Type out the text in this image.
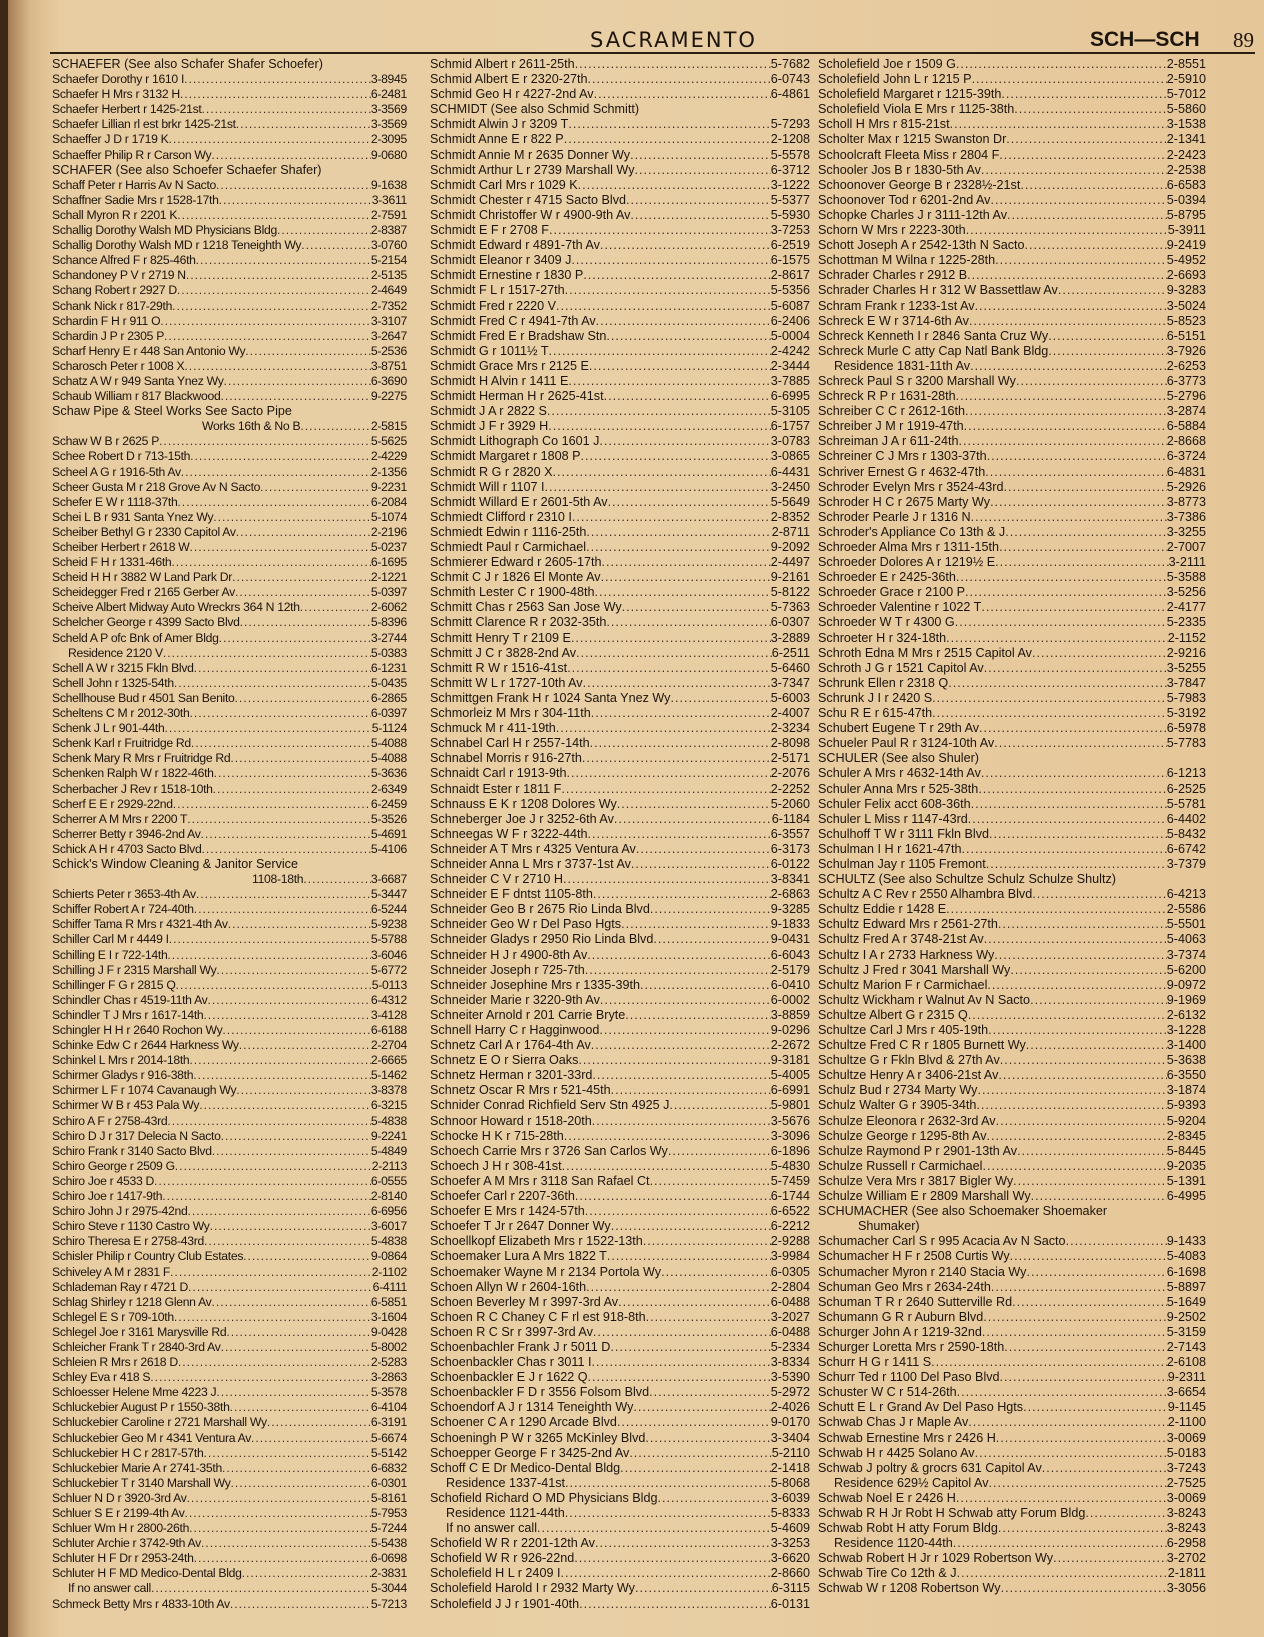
SACRAMENTO	SCH—SCH 89
SCHAEFER (See also Schafer Shafer Schoefer)
Schaefer Dorothy r 1610 I .....	3-8945
Schaefer H Mrs r 3132 H .....	6-2481
Schaefer Herbert r 1425-21st .....	3-3569
Schaefer Lillian rl est brkr 1425-21st .....	3-3569
Schaeffer J D r 1719 K .....	2-3095
Schaeffer Philip R r Carson Wy .....	9-0680
SCHAFER (See also Schoefer Schaefer Shafer)
Schaff Peter r Harris Av N Sacto .....	9-1638
Schaffner Sadie Mrs r 1528-17th .....	3-3611
Schall Myron R r 2201 K .....	2-7591
Schallig Dorothy Walsh MD Physicians Bldg .....	2-8387
Schallig Dorothy Walsh MD r 1218 Teneighth Wy .....	3-0760
Schance Alfred F r 825-46th .....	5-2154
Schandoney P V r 2719 N .....	2-5135
Schang Robert r 2927 D .....	2-4649
Schank Nick r 817-29th .....	2-7352
Schardin F H r 911 O .....	3-3107
Schardin J P r 2305 P .....	3-2647
Scharf Henry E r 448 San Antonio Wy .....	5-2536
Scharosch Peter r 1008 X .....	3-8751
Schatz A W r 949 Santa Ynez Wy .....	6-3690
Schaub William r 817 Blackwood .....	9-2275
Schaw Pipe & Steel Works See Sacto Pipe
Works 16th & No B .....	2-5815
Schaw W B r 2625 P .....	5-5625
Schee Robert D r 713-15th .....	2-4229
Scheel A G r 1916-5th Av .....	2-1356
Scheer Gusta M r 218 Grove Av N Sacto .....	9-2231
Schefer E W r 1118-37th .....	6-2084
Schei L B r 931 Santa Ynez Wy .....	5-1074
Scheiber Bethyl G r 2330 Capitol Av .....	2-2196
Scheiber Herbert r 2618 W .....	5-0237
Scheid F H r 1331-46th .....	6-1695
Scheid H H r 3882 W Land Park Dr .....	2-1221
Scheidegger Fred r 2165 Gerber Av .....	5-0397
Scheive Albert Midway Auto Wreckrs 364 N 12th .....	2-6062
Schelcher George r 4399 Sacto Blvd .....	5-8396
Scheld A P ofc Bnk of Amer Bldg .....	3-2744
Residence 2120 V .....	5-0383
Schell A W r 3215 Fkln Blvd .....	6-1231
Schell John r 1325-54th .....	5-0435
Schellhouse Bud r 4501 San Benito .....	6-2865
Scheltens C M r 2012-30th .....	6-0397
Schenk J L r 901-44th .....	5-1124
Schenk Karl r Fruitridge Rd .....	5-4088
Schenk Mary R Mrs r Fruitridge Rd .....	5-4088
Schenken Ralph W r 1822-46th .....	5-3636
Scherbacher J Rev r 1518-10th .....	2-6349
Scherf E E r 2929-22nd .....	6-2459
Scherrer A M Mrs r 2200 T .....	5-3526
Scherrer Betty r 3946-2nd Av .....	5-4691
Schick A H r 4703 Sacto Blvd .....	5-4106
Schick's Window Cleaning & Janitor Service
1108-18th .....	3-6687
Schierts Peter r 3653-4th Av .....	5-3447
Schiffer Robert A r 724-40th .....	6-5244
Schiffer Tama R Mrs r 4321-4th Av .....	5-9238
Schiller Carl M r 4449 I .....	5-5788
Schilling E I r 722-14th .....	3-6046
Schilling J F r 2315 Marshall Wy .....	5-6772
Schillinger F G r 2815 Q .....	5-0113
Schindler Chas r 4519-11th Av .....	6-4312
Schindler T J Mrs r 1617-14th .....	3-4128
Schingler H H r 2640 Rochon Wy .....	6-6188
Schinke Edw C r 2644 Harkness Wy .....	2-2704
Schinkel L Mrs r 2014-18th .....	2-6665
Schirmer Gladys r 916-38th .....	5-1462
Schirmer L F r 1074 Cavanaugh Wy .....	3-8378
Schirmer W B r 453 Pala Wy .....	6-3215
Schiro A F r 2758-43rd .....	5-4838
Schiro D J r 317 Delecia N Sacto .....	9-2241
Schiro Frank r 3140 Sacto Blvd .....	5-4849
Schiro George r 2509 G .....	2-2113
Schiro Joe r 4533 D .....	6-0555
Schiro Joe r 1417-9th .....	2-8140
Schiro John J r 2975-42nd .....	6-6956
Schiro Steve r 1130 Castro Wy .....	3-6017
Schiro Theresa E r 2758-43rd .....	5-4838
Schisler Philip r Country Club Estates .....	9-0864
Schiveley A M r 2831 F .....	2-1102
Schlademan Ray r 4721 D .....	6-4111
Schlag Shirley r 1218 Glenn Av .....	6-5851
Schlegel E S r 709-10th .....	3-1604
Schlegel Joe r 3161 Marysville Rd .....	9-0428
Schleicher Frank T r 2840-3rd Av .....	5-8002
Schleien R Mrs r 2618 D .....	2-5283
Schley Eva r 418 S .....	3-2863
Schloesser Helene Mme 4223 J .....	5-3578
Schluckebier August P r 1550-38th .....	6-4104
Schluckebier Caroline r 2721 Marshall Wy .....	6-3191
Schluckebier Geo M r 4341 Ventura Av .....	5-6674
Schluckebier H C r 2817-57th .....	5-5142
Schluckebier Marie A r 2741-35th .....	6-6832
Schluckebier T r 3140 Marshall Wy .....	6-0301
Schluer N D r 3920-3rd Av .....	5-8161
Schluer S E r 2199-4th Av .....	5-7953
Schluer Wm H r 2800-26th .....	5-7244
Schluter Archie r 3742-9th Av .....	5-5438
Schluter H F Dr r 2953-24th .....	6-0698
Schluter H F MD Medico-Dental Bldg .....	2-3831
If no answer call .....	5-3044
Schmeck Betty Mrs r 4833-10th Av .....	5-7213
Schmid Albert r 2611-25th .....	5-7682
Schmid Albert E r 2320-27th .....	6-0743
Schmid Geo H r 4227-2nd Av .....	6-4861
SCHMIDT (See also Schmid Schmitt)
Schmidt Alwin J r 3209 T .....	5-7293
Schmidt Anne E r 822 P .....	2-1208
Schmidt Annie M r 2635 Donner Wy .....	5-5578
Schmidt Arthur L r 2739 Marshall Wy .....	6-3712
Schmidt Carl Mrs r 1029 K .....	3-1222
Schmidt Chester r 4715 Sacto Blvd .....	5-5377
Schmidt Christoffer W r 4900-9th Av .....	5-5930
Schmidt E F r 2708 F .....	3-7253
Schmidt Edward r 4891-7th Av .....	6-2519
Schmidt Eleanor r 3409 J .....	6-1575
Schmidt Ernestine r 1830 P .....	2-8617
Schmidt F L r 1517-27th .....	5-5356
Schmidt Fred r 2220 V .....	5-6087
Schmidt Fred C r 4941-7th Av .....	6-2406
Schmidt Fred E r Bradshaw Stn .....	5-0004
Schmidt G r 1011½ T .....	2-4242
Schmidt Grace Mrs r 2125 E .....	2-3444
Schmidt H Alvin r 1411 E .....	3-7885
Schmidt Herman H r 2625-41st .....	6-6995
Schmidt J A r 2822 S .....	5-3105
Schmidt J F r 3929 H .....	6-1757
Schmidt Lithograph Co 1601 J .....	3-0783
Schmidt Margaret r 1808 P .....	3-0865
Schmidt R G r 2820 X .....	6-4431
Schmidt Will r 1107 I .....	3-2450
Schmidt Willard E r 2601-5th Av .....	5-5649
Schmiedt Clifford r 2310 I .....	2-8352
Schmiedt Edwin r 1116-25th .....	2-8711
Schmiedt Paul r Carmichael .....	9-2092
Schmierer Edward r 2605-17th .....	2-4497
Schmit C J r 1826 El Monte Av .....	9-2161
Schmith Lester C r 1900-48th .....	5-8122
Schmitt Chas r 2563 San Jose Wy .....	5-7363
Schmitt Clarence R r 2032-35th .....	6-0307
Schmitt Henry T r 2109 E .....	3-2889
Schmitt J C r 3828-2nd Av .....	6-2511
Schmitt R W r 1516-41st .....	5-6460
Schmitt W L r 1727-10th Av .....	3-7347
Schmittgen Frank H r 1024 Santa Ynez Wy .....	5-6003
Schmorleiz M Mrs r 304-11th .....	2-4007
Schmuck M r 411-19th .....	2-3234
Schnabel Carl H r 2557-14th .....	2-8098
Schnabel Morris r 916-27th .....	2-5171
Schnaidt Carl r 1913-9th .....	2-2076
Schnaidt Ester r 1811 F .....	2-2252
Schnauss E K r 1208 Dolores Wy .....	5-2060
Schneberger Joe J r 3252-6th Av .....	6-1184
Schneegas W F r 3222-44th .....	6-3557
Schneider A T Mrs r 4325 Ventura Av .....	6-3173
Schneider Anna L Mrs r 3737-1st Av .....	6-0122
Schneider C V r 2710 H .....	3-8341
Schneider E F dntst 1105-8th .....	2-6863
Schneider Geo B r 2675 Rio Linda Blvd .....	9-3285
Schneider Geo W r Del Paso Hgts .....	9-1833
Schneider Gladys r 2950 Rio Linda Blvd .....	9-0431
Schneider H J r 4900-8th Av .....	6-6043
Schneider Joseph r 725-7th .....	2-5179
Schneider Josephine Mrs r 1335-39th .....	6-0410
Schneider Marie r 3220-9th Av .....	6-0002
Schneiter Arnold r 201 Carrie Bryte .....	3-8859
Schnell Harry C r Hagginwood .....	9-0296
Schnetz Carl A r 1764-4th Av .....	2-2672
Schnetz E O r Sierra Oaks .....	9-3181
Schnetz Herman r 3201-33rd .....	5-4005
Schnetz Oscar R Mrs r 521-45th .....	6-6991
Schnider Conrad Richfield Serv Stn 4925 J .....	5-9801
Schnoor Howard r 1518-20th .....	3-5676
Schocke H K r 715-28th .....	3-3096
Schoech Carrie Mrs r 3726 San Carlos Wy .....	6-1896
Schoech J H r 308-41st .....	5-4830
Schoefer A M Mrs r 3118 San Rafael Ct .....	5-7459
Schoefer Carl r 2207-36th .....	6-1744
Schoefer E Mrs r 1424-57th .....	6-6522
Schoefer T Jr r 2647 Donner Wy .....	6-2212
Schoellkopf Elizabeth Mrs r 1522-13th .....	2-9288
Schoemaker Lura A Mrs 1822 T .....	3-9984
Schoemaker Wayne M r 2134 Portola Wy .....	6-0305
Schoen Allyn W r 2604-16th .....	2-2804
Schoen Beverley M r 3997-3rd Av .....	6-0488
Schoen R C Chaney C F rl est 918-8th .....	3-2027
Schoen R C Sr r 3997-3rd Av .....	6-0488
Schoenbachler Frank J r 5011 D .....	5-2334
Schoenbackler Chas r 3011 I .....	3-8334
Schoenbackler E J r 1622 Q .....	3-5390
Schoenbackler F D r 3556 Folsom Blvd .....	5-2972
Schoendorf A J r 1314 Teneighth Wy .....	2-4026
Schoener C A r 1290 Arcade Blvd .....	9-0170
Schoeningh P W r 3265 McKinley Blvd .....	3-3404
Schoepper George F r 3425-2nd Av .....	5-2110
Schoff C E Dr Medico-Dental Bldg .....	2-1418
Residence 1337-41st .....	5-8068
Schofield Richard O MD Physicians Bldg .....	3-6039
Residence 1121-44th .....	5-8333
If no answer call .....	5-4609
Schofield W R r 2201-12th Av .....	3-3253
Schofield W R r 926-22nd .....	3-6620
Scholefield H L r 2409 I .....	2-8660
Scholefield Harold I r 2932 Marty Wy .....	6-3115
Scholefield J J r 1901-40th .....	6-0131
Scholefield Joe r 1509 G .....	2-8551
Scholefield John L r 1215 P .....	2-5910
Scholefield Margaret r 1215-39th .....	5-7012
Scholefield Viola E Mrs r 1125-38th .....	5-5860
Scholl H Mrs r 815-21st .....	3-1538
Scholter Max r 1215 Swanston Dr .....	2-1341
Schoolcraft Fleeta Miss r 2804 F .....	2-2423
Schooler Jos B r 1830-5th Av .....	2-2538
Schoonover George B r 2328½-21st .....	6-6583
Schoonover Tod r 6201-2nd Av .....	5-0394
Schopke Charles J r 3111-12th Av .....	5-8795
Schorn W Mrs r 2223-30th .....	5-3911
Schott Joseph A r 2542-13th N Sacto .....	9-2419
Schottman M Wilna r 1225-28th .....	5-4952
Schrader Charles r 2912 B .....	2-6693
Schrader Charles H r 312 W Bassettlaw Av .....	9-3283
Schram Frank r 1233-1st Av .....	3-5024
Schreck E W r 3714-6th Av .....	5-8523
Schreck Kenneth I r 2846 Santa Cruz Wy .....	6-5151
Schreck Murle C atty Cap Natl Bank Bldg .....	3-7926
Residence 1831-11th Av .....	2-6253
Schreck Paul S r 3200 Marshall Wy .....	6-3773
Schreck R P r 1631-28th .....	5-2796
Schreiber C C r 2612-16th .....	3-2874
Schreiber J M r 1919-47th .....	6-5884
Schreiman J A r 611-24th .....	2-8668
Schreiner C J Mrs r 1303-37th .....	6-3724
Schriver Ernest G r 4632-47th .....	6-4831
Schroder Evelyn Mrs r 3524-43rd .....	5-2926
Schroder H C r 2675 Marty Wy .....	3-8773
Schroder Pearle J r 1316 N .....	3-7386
Schroder's Appliance Co 13th & J .....	3-3255
Schroeder Alma Mrs r 1311-15th .....	2-7007
Schroeder Dolores A r 1219½ E .....	3-2111
Schroeder E r 2425-36th .....	5-3588
Schroeder Grace r 2100 P .....	3-5256
Schroeder Valentine r 1022 T .....	2-4177
Schroeder W T r 4300 G .....	5-2335
Schroeter H r 324-18th .....	2-1152
Schroth Edna M Mrs r 2515 Capitol Av .....	2-9216
Schroth J G r 1521 Capitol Av .....	3-5255
Schrunk Ellen r 2318 Q .....	3-7847
Schrunk J I r 2420 S .....	5-7983
Schu R E r 615-47th .....	5-3192
Schubert Eugene T r 29th Av .....	6-5978
Schueler Paul R r 3124-10th Av .....	5-7783
SCHULER (See also Shuler)
Schuler A Mrs r 4632-14th Av .....	6-1213
Schuler Anna Mrs r 525-38th .....	6-2525
Schuler Felix acct 608-36th .....	5-5781
Schuler L Miss r 1147-43rd .....	6-4402
Schulhoff T W r 3111 Fkln Blvd .....	5-8432
Schulman I H r 1621-47th .....	6-6742
Schulman Jay r 1105 Fremont .....	3-7379
SCHULTZ (See also Schultze Schulz Schulze Shultz)
Schultz A C Rev r 2550 Alhambra Blvd .....	6-4213
Schultz Eddie r 1428 E .....	2-5586
Schultz Edward Mrs r 2561-27th .....	5-5501
Schultz Fred A r 3748-21st Av .....	5-4063
Schultz I A r 2733 Harkness Wy .....	3-7374
Schultz J Fred r 3041 Marshall Wy .....	5-6200
Schultz Marion F r Carmichael .....	9-0972
Schultz Wickham r Walnut Av N Sacto .....	9-1969
Schultze Albert G r 2315 Q .....	2-6132
Schultze Carl J Mrs r 405-19th .....	3-1228
Schultze Fred C R r 1805 Burnett Wy .....	3-1400
Schultze G r Fkln Blvd & 27th Av .....	5-3638
Schultze Henry A r 3406-21st Av .....	6-3550
Schulz Bud r 2734 Marty Wy .....	3-1874
Schulz Walter G r 3905-34th .....	5-9393
Schulze Eleonora r 2632-3rd Av .....	5-9204
Schulze George r 1295-8th Av .....	2-8345
Schulze Raymond P r 2901-13th Av .....	5-8445
Schulze Russell r Carmichael .....	9-2035
Schulze Vera Mrs r 3817 Bigler Wy .....	5-1391
Schulze William E r 2809 Marshall Wy .....	6-4995
SCHUMACHER (See also Schoemaker Shoemaker
Shumaker)
Schumacher Carl S r 995 Acacia Av N Sacto .....	9-1433
Schumacher H F r 2508 Curtis Wy .....	5-4083
Schumacher Myron r 2140 Stacia Wy .....	6-1698
Schuman Geo Mrs r 2634-24th .....	5-8897
Schuman T R r 2640 Sutterville Rd .....	5-1649
Schumann G R r Auburn Blvd .....	9-2502
Schurger John A r 1219-32nd .....	5-3159
Schurger Loretta Mrs r 2590-18th .....	2-7143
Schurr H G r 1411 S .....	2-6108
Schurr Ted r 1100 Del Paso Blvd .....	9-2311
Schuster W C r 514-26th .....	3-6654
Schutt E L r Grand Av Del Paso Hgts .....	9-1145
Schwab Chas J r Maple Av .....	2-1100
Schwab Ernestine Mrs r 2426 H .....	3-0069
Schwab H r 4425 Solano Av .....	5-0183
Schwab J poltry & grocrs 631 Capitol Av .....	3-7243
Residence 629½ Capitol Av .....	2-7525
Schwab Noel E r 2426 H .....	3-0069
Schwab R H Jr Robt H Schwab atty Forum Bldg .....	3-8243
Schwab Robt H atty Forum Bldg .....	3-8243
Residence 1120-44th .....	6-2958
Schwab Robert H Jr r 1029 Robertson Wy .....	3-2702
Schwab Tire Co 12th & J .....	2-1811
Schwab W r 1208 Robertson Wy .....	3-3056
